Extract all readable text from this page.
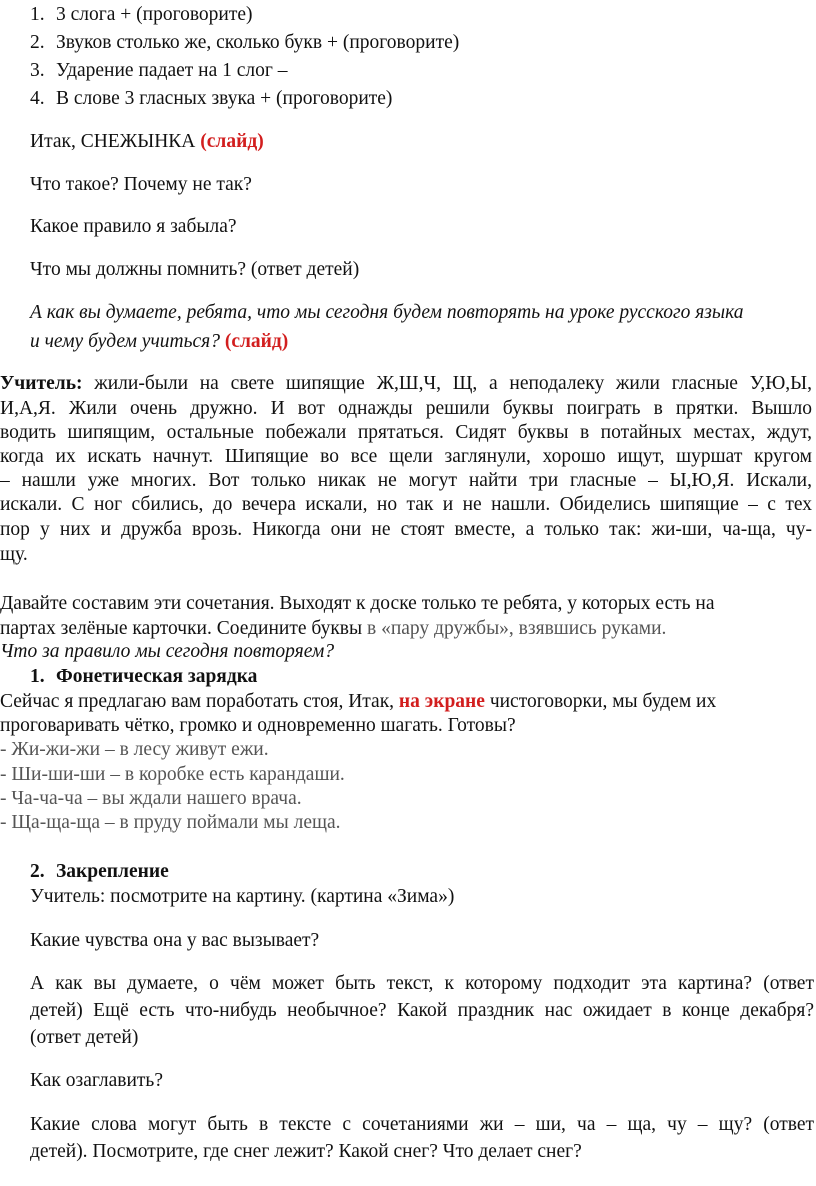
1. 3 слога + (проговорите)
2. Звуков столько же, сколько букв + (проговорите)
3. Ударение падает на 1 слог –
4. В слове 3 гласных звука + (проговорите)
Итак, СНЕЖЫНКА (слайд)
Что такое? Почему не так?
Какое правило я забыла?
Что мы должны помнить? (ответ детей)
А как вы думаете, ребята, что мы сегодня будем повторять на уроке русского языка
и чему будем учиться? (слайд)
Учитель: жили-были на свете шипящие Ж,Ш,Ч, Щ, а неподалеку жили гласные У,Ю,Ы,
И,А,Я. Жили очень дружно. И вот однажды решили буквы поиграть в прятки. Вышло
водить шипящим, остальные побежали прятаться. Сидят буквы в потайных местах, ждут,
когда их искать начнут. Шипящие во все щели заглянули, хорошо ищут, шуршат кругом
– нашли уже многих. Вот только никак не могут найти три гласные – Ы,Ю,Я. Искали,
искали. С ног сбились, до вечера искали, но так и не нашли. Обиделись шипящие – с тех
пор у них и дружба врозь. Никогда они не стоят вместе, а только так: жи-ши, ча-ща, чу-
щу.
Давайте составим эти сочетания. Выходят к доске только те ребята, у которых есть на
партах зелёные карточки. Соедините буквы в «пару дружбы», взявшись руками.
Что за правило мы сегодня повторяем?
1. Фонетическая зарядка
Сейчас я предлагаю вам поработать стоя, Итак, на экране чистоговорки, мы будем их
проговаривать чётко, громко и одновременно шагать. Готовы?
- Жи-жи-жи – в лесу живут ежи.
- Ши-ши-ши – в коробке есть карандаши.
- Ча-ча-ча – вы ждали нашего врача.
- Ща-ща-ща – в пруду поймали мы леща.
2. Закрепление
Учитель: посмотрите на картину. (картина «Зима»)
Какие чувства она у вас вызывает?
А как вы думаете, о чём может быть текст, к которому подходит эта картина? (ответ
детей) Ещё есть что-нибудь необычное? Какой праздник нас ожидает в конце декабря?
(ответ детей)
Как озаглавить?
Какие слова могут быть в тексте с сочетаниями жи – ши, ча – ща, чу – щу? (ответ
детей). Посмотрите, где снег лежит? Какой снег? Что делает снег?
